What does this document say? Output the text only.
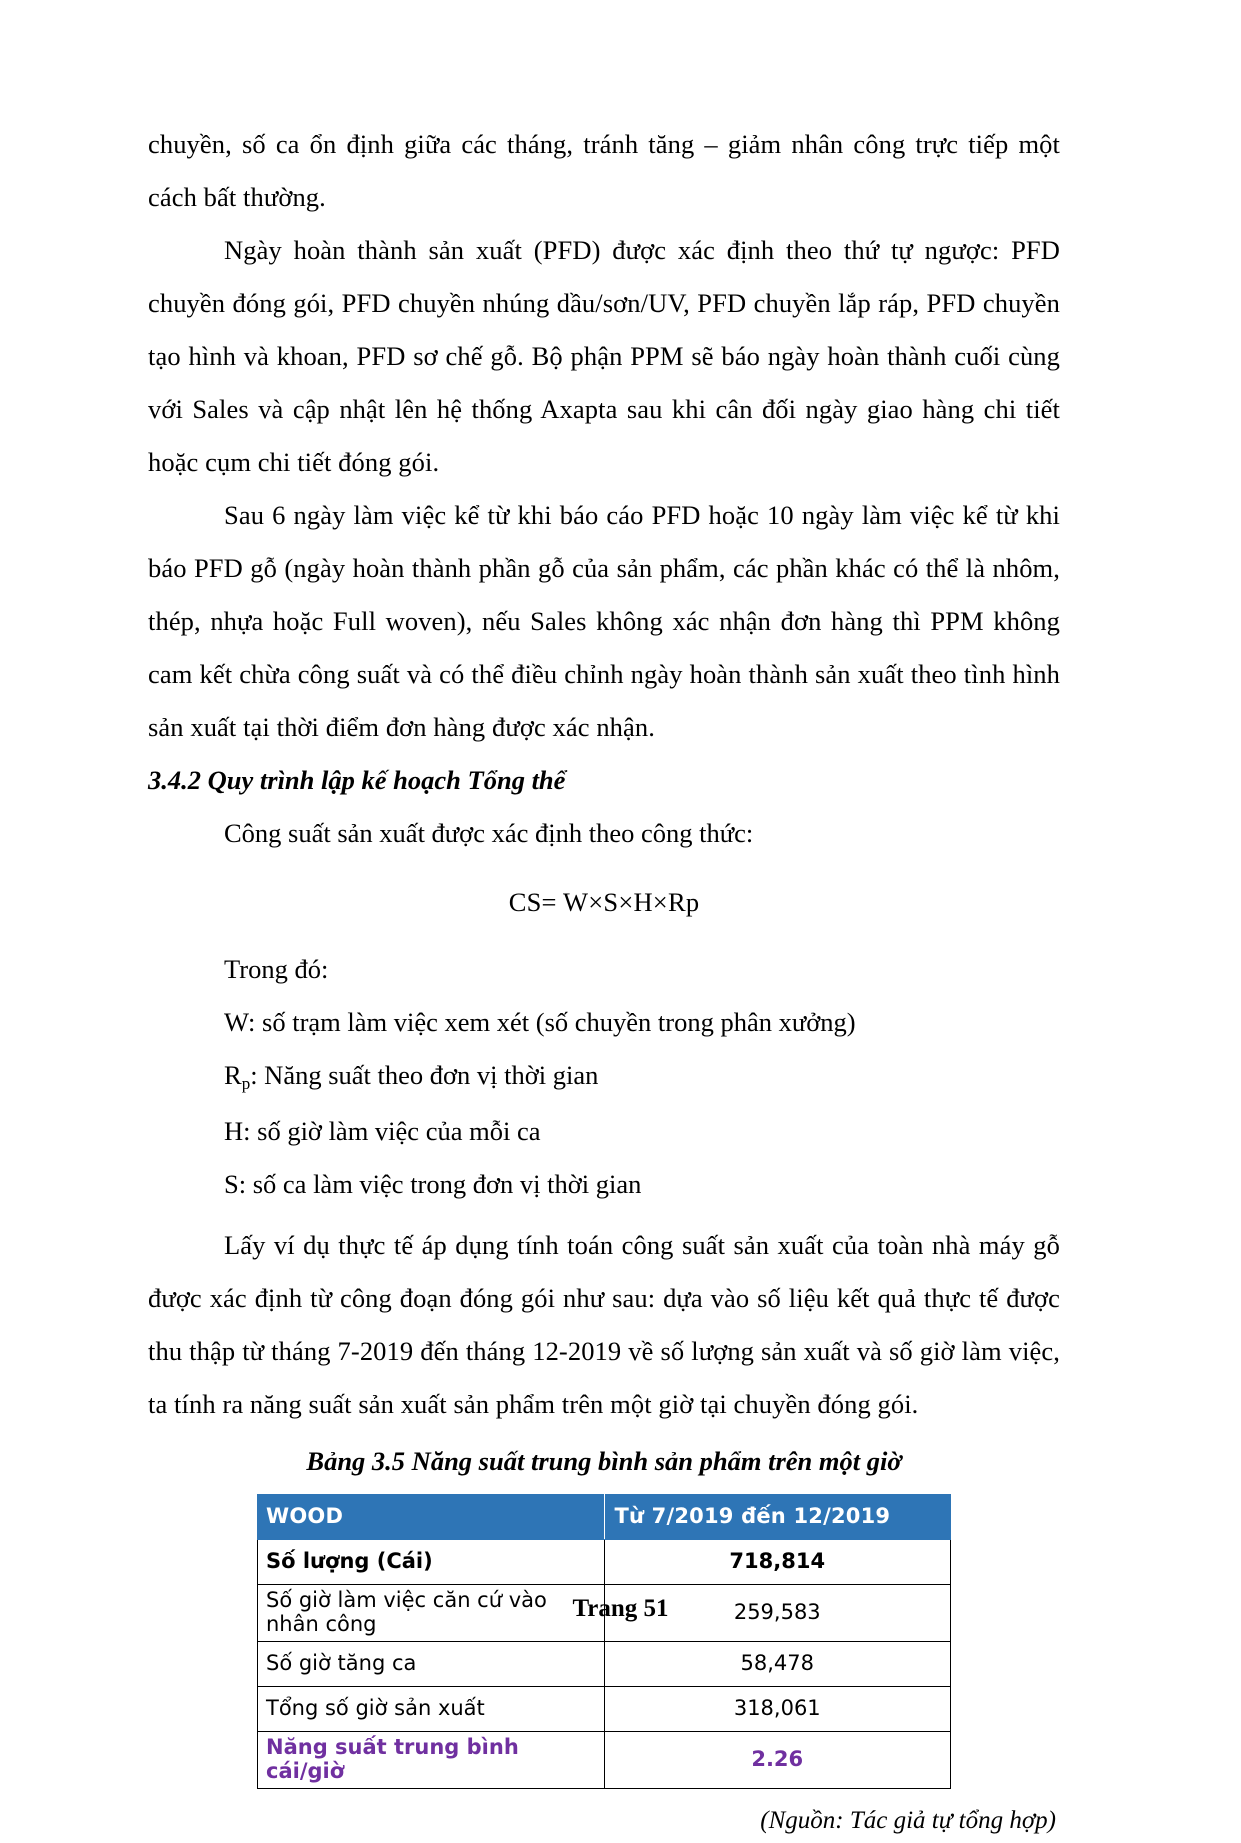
chuyền, số ca ổn định giữa các tháng, tránh tăng – giảm nhân công trực tiếp một cách bất thường.

Ngày hoàn thành sản xuất (PFD) được xác định theo thứ tự ngược: PFD chuyền đóng gói, PFD chuyền nhúng dầu/sơn/UV, PFD chuyền lắp ráp, PFD chuyền tạo hình và khoan, PFD sơ chế gỗ. Bộ phận PPM sẽ báo ngày hoàn thành cuối cùng với Sales và cập nhật lên hệ thống Axapta sau khi cân đối ngày giao hàng chi tiết hoặc cụm chi tiết đóng gói.

Sau 6 ngày làm việc kể từ khi báo cáo PFD hoặc 10 ngày làm việc kể từ khi báo PFD gỗ (ngày hoàn thành phần gỗ của sản phẩm, các phần khác có thể là nhôm, thép, nhựa hoặc Full woven), nếu Sales không xác nhận đơn hàng thì PPM không cam kết chừa công suất và có thể điều chỉnh ngày hoàn thành sản xuất theo tình hình sản xuất tại thời điểm đơn hàng được xác nhận.

3.4.2 Quy trình lập kế hoạch Tổng thể

Công suất sản xuất được xác định theo công thức:

CS= W×S×H×Rp

Trong đó:
W: số trạm làm việc xem xét (số chuyền trong phân xưởng)
$R_p$: Năng suất theo đơn vị thời gian
H: số giờ làm việc của mỗi ca
S: số ca làm việc trong đơn vị thời gian

Lấy ví dụ thực tế áp dụng tính toán công suất sản xuất của toàn nhà máy gỗ được xác định từ công đoạn đóng gói như sau: dựa vào số liệu kết quả thực tế được thu thập từ tháng 7-2019 đến tháng 12-2019 về số lượng sản xuất và số giờ làm việc, ta tính ra năng suất sản xuất sản phẩm trên một giờ tại chuyền đóng gói.

Bảng 3.5 Năng suất trung bình sản phẩm trên một giờ

WOOD	Từ 7/2019 đến 12/2019
Số lượng (Cái)	718,814
Số giờ làm việc căn cứ vào nhân công	259,583
Số giờ tăng ca	58,478
Tổng số giờ sản xuất	318,061
Năng suất trung bình cái/giờ	2.26

(Nguồn: Tác giả tự tổng hợp)

Trang 51
